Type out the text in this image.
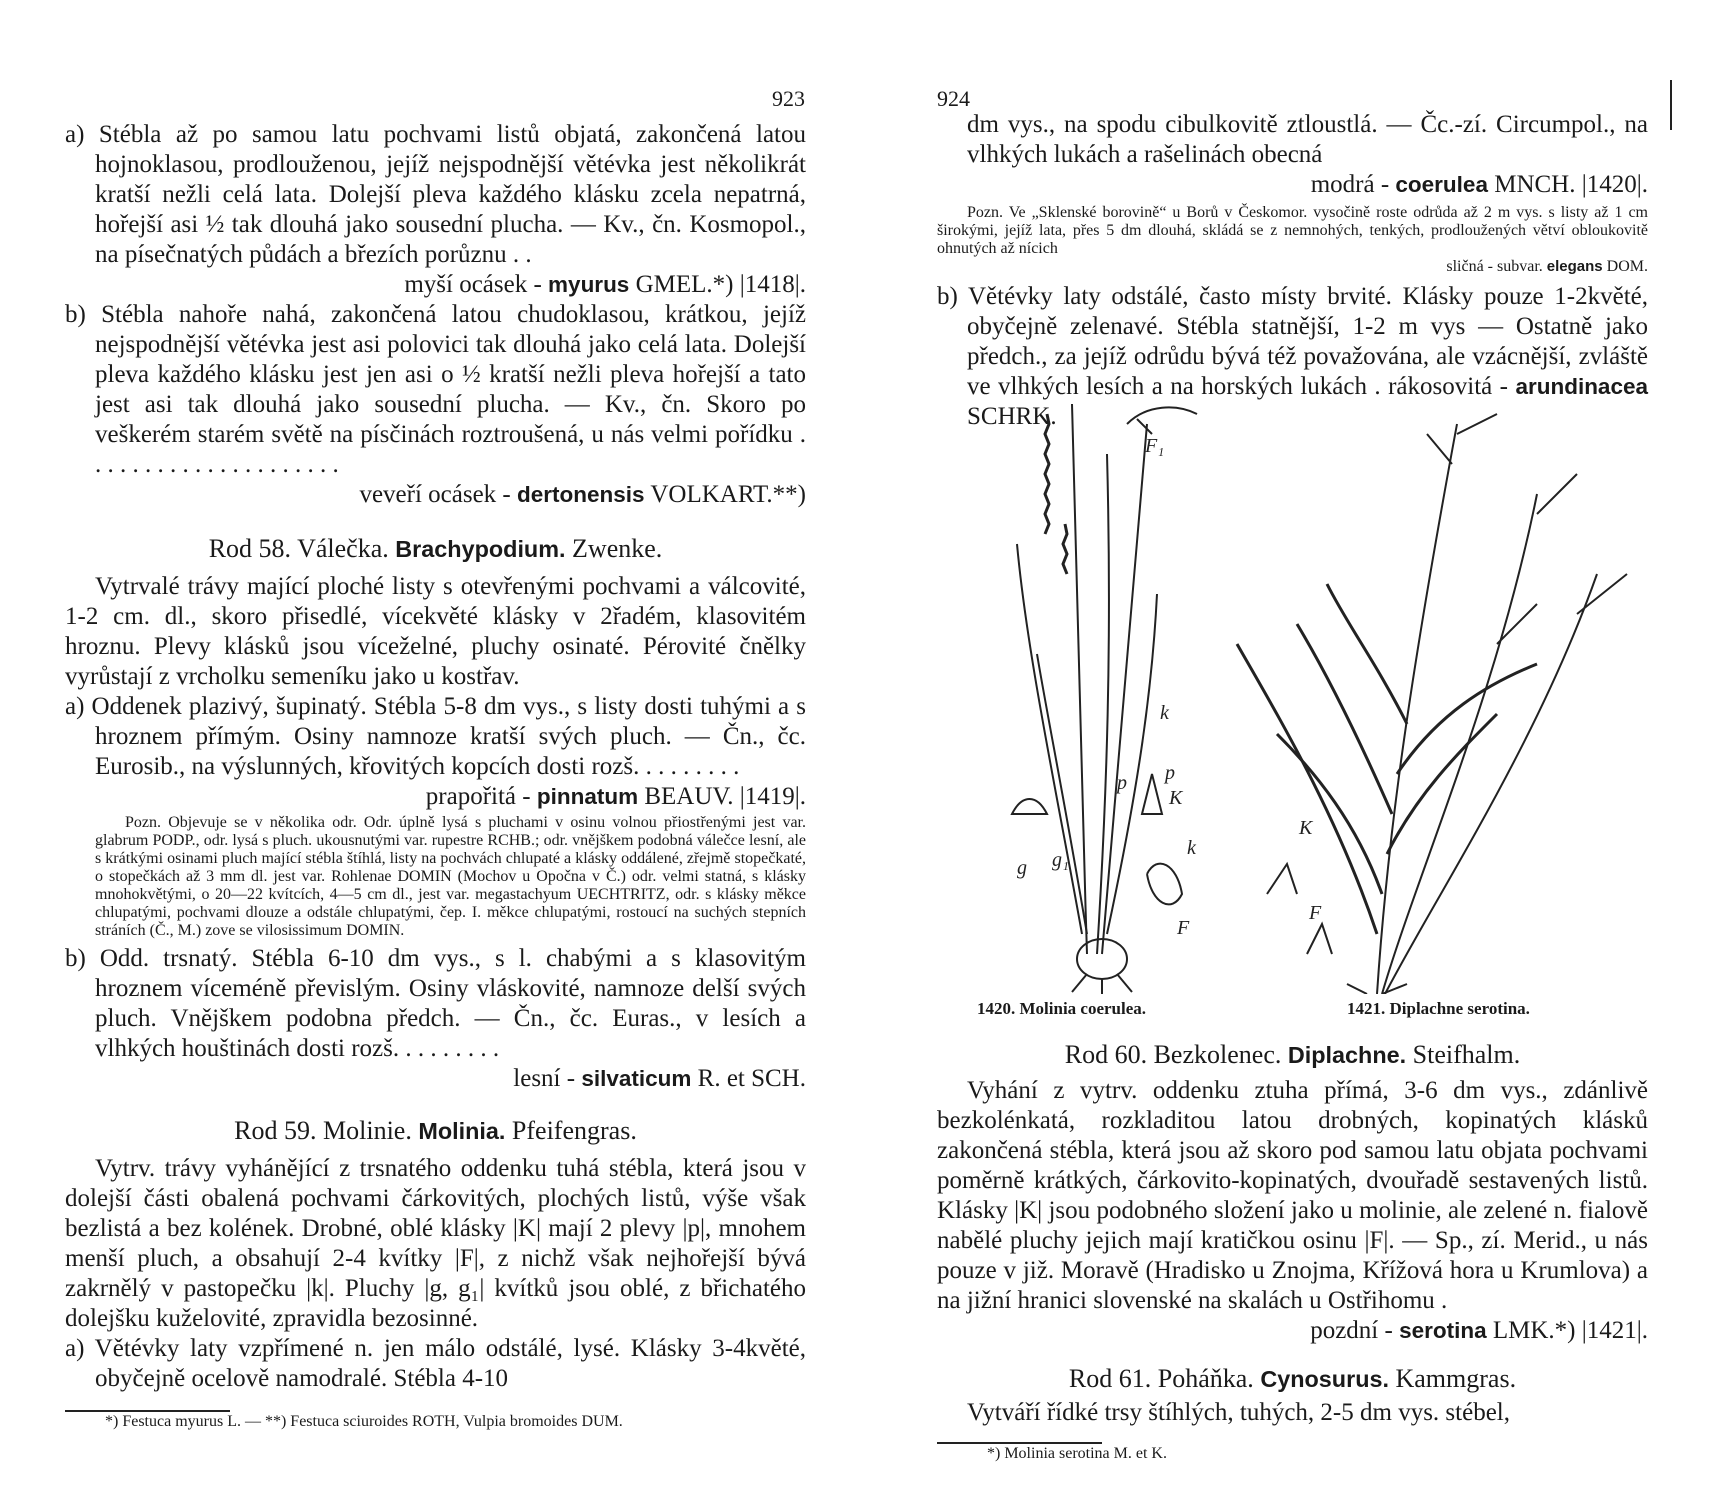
923

a) Stébla až po samou latu pochvami listů objatá, zakončená latou hojnoklasou, prodlouženou, jejíž nejspodnější větévka jest několikrát kratší nežli celá lata. Dolejší pleva každého klásku zcela nepatrná, hořejší asi ½ tak dlouhá jako sousední plucha. — Kv., čn. Kosmopol., na písečnatých půdách a březích porůznu . .

myší ocásek - myurus GMEL.*) |1418|.

b) Stébla nahoře nahá, zakončená latou chudoklasou, krátkou, jejíž nejspodnější větévka jest asi polovici tak dlouhá jako celá lata. Dolejší pleva každého klásku jest jen asi o ½ kratší nežli pleva hořejší a tato jest asi tak dlouhá jako sousední plucha. — Kv., čn. Skoro po veškerém starém světě na písčinách roztroušená, u nás velmi pořídku . . . . . . . . . . . . . . . . . . . . .

veveří ocásek - dertonensis VOLKART.**)

Rod 58. Válečka. Brachypodium. Zwenke.

Vytrvalé trávy mající ploché listy s otevřenými pochvami a válcovité, 1-2 cm. dl., skoro přisedlé, vícekvěté klásky v 2řadém, klasovitém hroznu. Plevy klásků jsou víceželné, pluchy osinaté. Pérovité čnělky vyrůstají z vrcholku semeníku jako u kostřav.

a) Oddenek plazivý, šupinatý. Stébla 5-8 dm vys., s listy dosti tuhými a s hroznem přímým. Osiny namnoze kratší svých pluch. — Čn., čc. Eurosib., na výslunných, křovitých kopcích dosti rozš. . . . . . . . .

prapořitá - pinnatum BEAUV. |1419|.

Pozn. Objevuje se v několika odr. Odr. úplně lysá s pluchami v osinu volnou přiostřenými jest var. glabrum PODP., odr. lysá s pluch. ukousnutými var. rupestre RCHB.; odr. vnějškem podobná válečce lesní, ale s krátkými osinami pluch mající stébla štíhlá, listy na pochvách chlupaté a klásky oddálené, zřejmě stopečkaté, o stopečkách až 3 mm dl. jest var. Rohlenae DOMIN (Mochov u Opočna v Č.) odr. velmi statná, s klásky mnohokvětými, o 20—22 kvítcích, 4—5 cm dl., jest var. megastachyum UECHTRITZ, odr. s klásky měkce chlupatými, pochvami dlouze a odstále chlupatými, čep. I. měkce chlupatými, rostoucí na suchých stepních stráních (Č., M.) zove se vilosissimum DOMIN.

b) Odd. trsnatý. Stébla 6-10 dm vys., s l. chabými a s klasovitým hroznem víceméně převislým. Osiny vláskovité, namnoze delší svých pluch. Vnějškem podobna předch. — Čn., čc. Euras., v lesích a vlhkých houštinách dosti rozš. . . . . . . . .

lesní - silvaticum R. et SCH.

Rod 59. Molinie. Molinia. Pfeifengras.

Vytrv. trávy vyhánějící z trsnatého oddenku tuhá stébla, která jsou v dolejší části obalená pochvami čárkovitých, plochých listů, výše však bezlistá a bez kolének. Drobné, oblé klásky |K| mají 2 plevy |p|, mnohem menší pluch, a obsahují 2-4 kvítky |F|, z nichž však nejhořejší bývá zakrnělý v pastopečku |k|. Pluchy |g, g₁| kvítků jsou oblé, z břichatého dolejšku kuželovité, zpravidla bezosinné.

a) Větévky laty vzpřímené n. jen málo odstálé, lysé. Klásky 3-4květé, obyčejně ocelově namodralé. Stébla 4-10

*) Festuca myurus L. — **) Festuca sciuroides ROTH, Vulpia bromoides DUM.

924

dm vys., na spodu cibulkovitě ztloustlá. — Čc.-zí. Circumpol., na vlhkých lukách a rašelinách obecná

modrá - coerulea MNCH. |1420|.

Pozn. Ve „Sklenské borovině“ u Borů v Českomor. vysočině roste odrůda až 2 m vys. s listy až 1 cm širokými, jejíž lata, přes 5 dm dlouhá, skládá se z nemnohých, tenkých, prodloužených větví obloukovitě ohnutých až nícich

sličná - subvar. elegans DOM.

b) Větévky laty odstálé, často místy brvité. Klásky pouze 1-2květé, obyčejně zelenavé. Stébla statnější, 1-2 m vys — Ostatně jako předch., za jejíž odrůdu bývá též považována, ale vzácnější, zvláště ve vlhkých lesích a na horských lukách . rákosovitá - arundinacea SCHRK.

F₁
k
p p
K
g g₁
k
F
F
K
1420. Molinia coerulea.	1421. Diplachne serotina.

Rod 60. Bezkolenec. Diplachne. Steifhalm.

Vyhání z vytrv. oddenku ztuha přímá, 3-6 dm vys., zdánlivě bezkolénkatá, rozkladitou latou drobných, kopinatých klásků zakončená stébla, která jsou až skoro pod samou latu objata pochvami poměrně krátkých, čárkovito-kopinatých, dvouřadě sestavených listů. Klásky |K| jsou podobného složení jako u molinie, ale zelené n. fialově nabělé pluchy jejich mají kratičkou osinu |F|. — Sp., zí. Merid., u nás pouze v již. Moravě (Hradisko u Znojma, Křížová hora u Krumlova) a na jižní hranici slovenské na skalách u Ostřihomu .

pozdní - serotina LMK.*) |1421|.

Rod 61. Poháňka. Cynosurus. Kammgras.

Vytváří řídké trsy štíhlých, tuhých, 2-5 dm vys. stébel,

*) Molinia serotina M. et K.
